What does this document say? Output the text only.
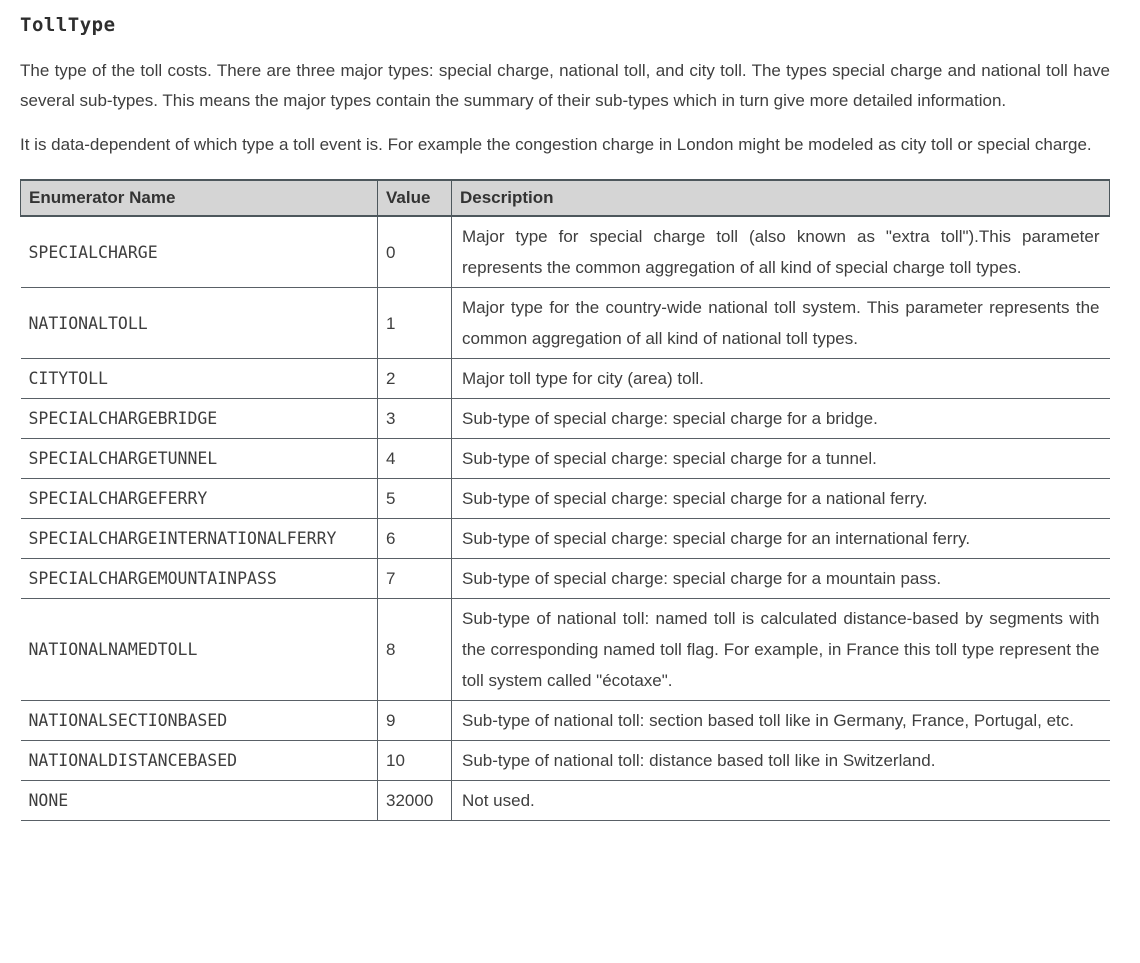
TollType

The type of the toll costs. There are three major types: special charge, national toll, and city toll. The types special charge and national toll have several sub-types. This means the major types contain the summary of their sub-types which in turn give more detailed information.

It is data-dependent of which type a toll event is. For example the congestion charge in London might be modeled as city toll or special charge.

Enumerator Name	Value	Description
SPECIALCHARGE	0	Major type for special charge toll (also known as "extra toll").This parameter represents the common aggregation of all kind of special charge toll types.
NATIONALTOLL	1	Major type for the country-wide national toll system. This parameter represents the common aggregation of all kind of national toll types.
CITYTOLL	2	Major toll type for city (area) toll.
SPECIALCHARGEBRIDGE	3	Sub-type of special charge: special charge for a bridge.
SPECIALCHARGETUNNEL	4	Sub-type of special charge: special charge for a tunnel.
SPECIALCHARGEFERRY	5	Sub-type of special charge: special charge for a national ferry.
SPECIALCHARGEINTERNATIONALFERRY	6	Sub-type of special charge: special charge for an international ferry.
SPECIALCHARGEMOUNTAINPASS	7	Sub-type of special charge: special charge for a mountain pass.
NATIONALNAMEDTOLL	8	Sub-type of national toll: named toll is calculated distance-based by segments with the corresponding named toll flag. For example, in France this toll type represent the toll system called "écotaxe".
NATIONALSECTIONBASED	9	Sub-type of national toll: section based toll like in Germany, France, Portugal, etc.
NATIONALDISTANCEBASED	10	Sub-type of national toll: distance based toll like in Switzerland.
NONE	32000	Not used.
